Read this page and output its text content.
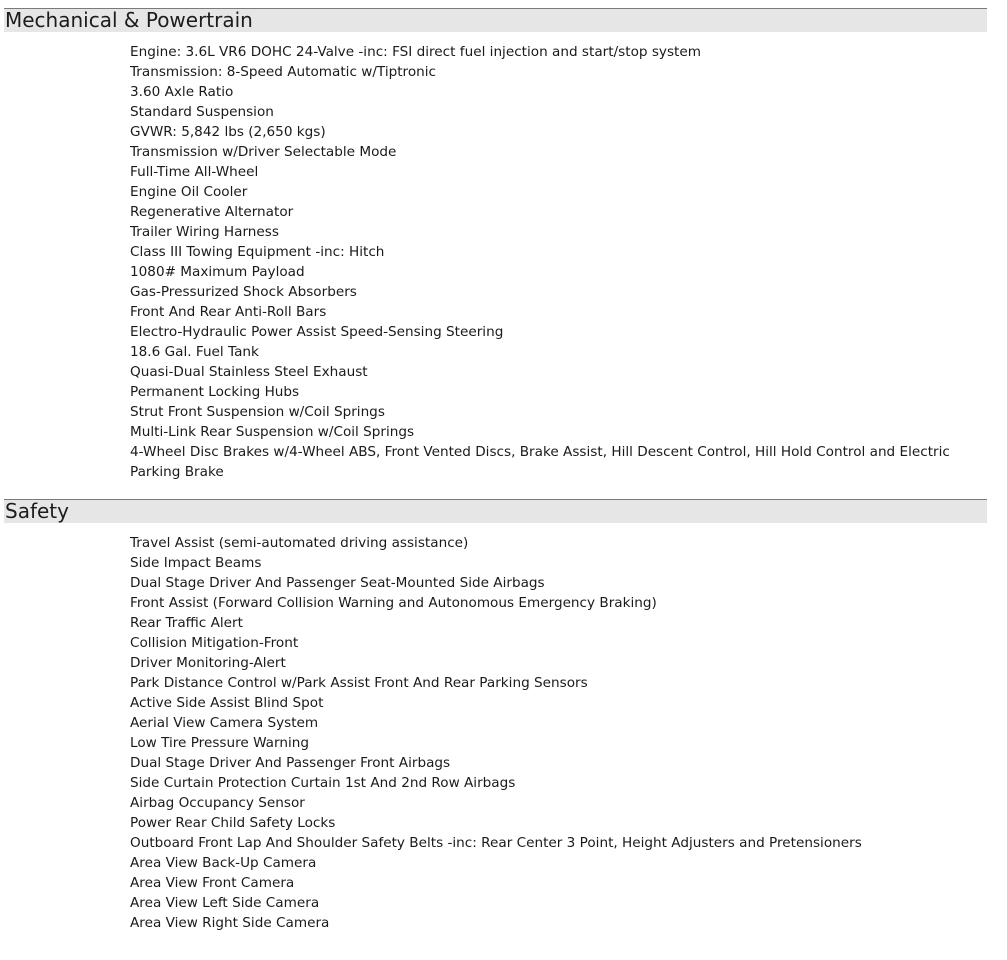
Mechanical & Powertrain
Engine: 3.6L VR6 DOHC 24-Valve -inc: FSI direct fuel injection and start/stop system
Transmission: 8-Speed Automatic w/Tiptronic
3.60 Axle Ratio
Standard Suspension
GVWR: 5,842 lbs (2,650 kgs)
Transmission w/Driver Selectable Mode
Full-Time All-Wheel
Engine Oil Cooler
Regenerative Alternator
Trailer Wiring Harness
Class III Towing Equipment -inc: Hitch
1080# Maximum Payload
Gas-Pressurized Shock Absorbers
Front And Rear Anti-Roll Bars
Electro-Hydraulic Power Assist Speed-Sensing Steering
18.6 Gal. Fuel Tank
Quasi-Dual Stainless Steel Exhaust
Permanent Locking Hubs
Strut Front Suspension w/Coil Springs
Multi-Link Rear Suspension w/Coil Springs
4-Wheel Disc Brakes w/4-Wheel ABS, Front Vented Discs, Brake Assist, Hill Descent Control, Hill Hold Control and Electric Parking Brake
Safety
Travel Assist (semi-automated driving assistance)
Side Impact Beams
Dual Stage Driver And Passenger Seat-Mounted Side Airbags
Front Assist (Forward Collision Warning and Autonomous Emergency Braking)
Rear Traffic Alert
Collision Mitigation-Front
Driver Monitoring-Alert
Park Distance Control w/Park Assist Front And Rear Parking Sensors
Active Side Assist Blind Spot
Aerial View Camera System
Low Tire Pressure Warning
Dual Stage Driver And Passenger Front Airbags
Side Curtain Protection Curtain 1st And 2nd Row Airbags
Airbag Occupancy Sensor
Power Rear Child Safety Locks
Outboard Front Lap And Shoulder Safety Belts -inc: Rear Center 3 Point, Height Adjusters and Pretensioners
Area View Back-Up Camera
Area View Front Camera
Area View Left Side Camera
Area View Right Side Camera
